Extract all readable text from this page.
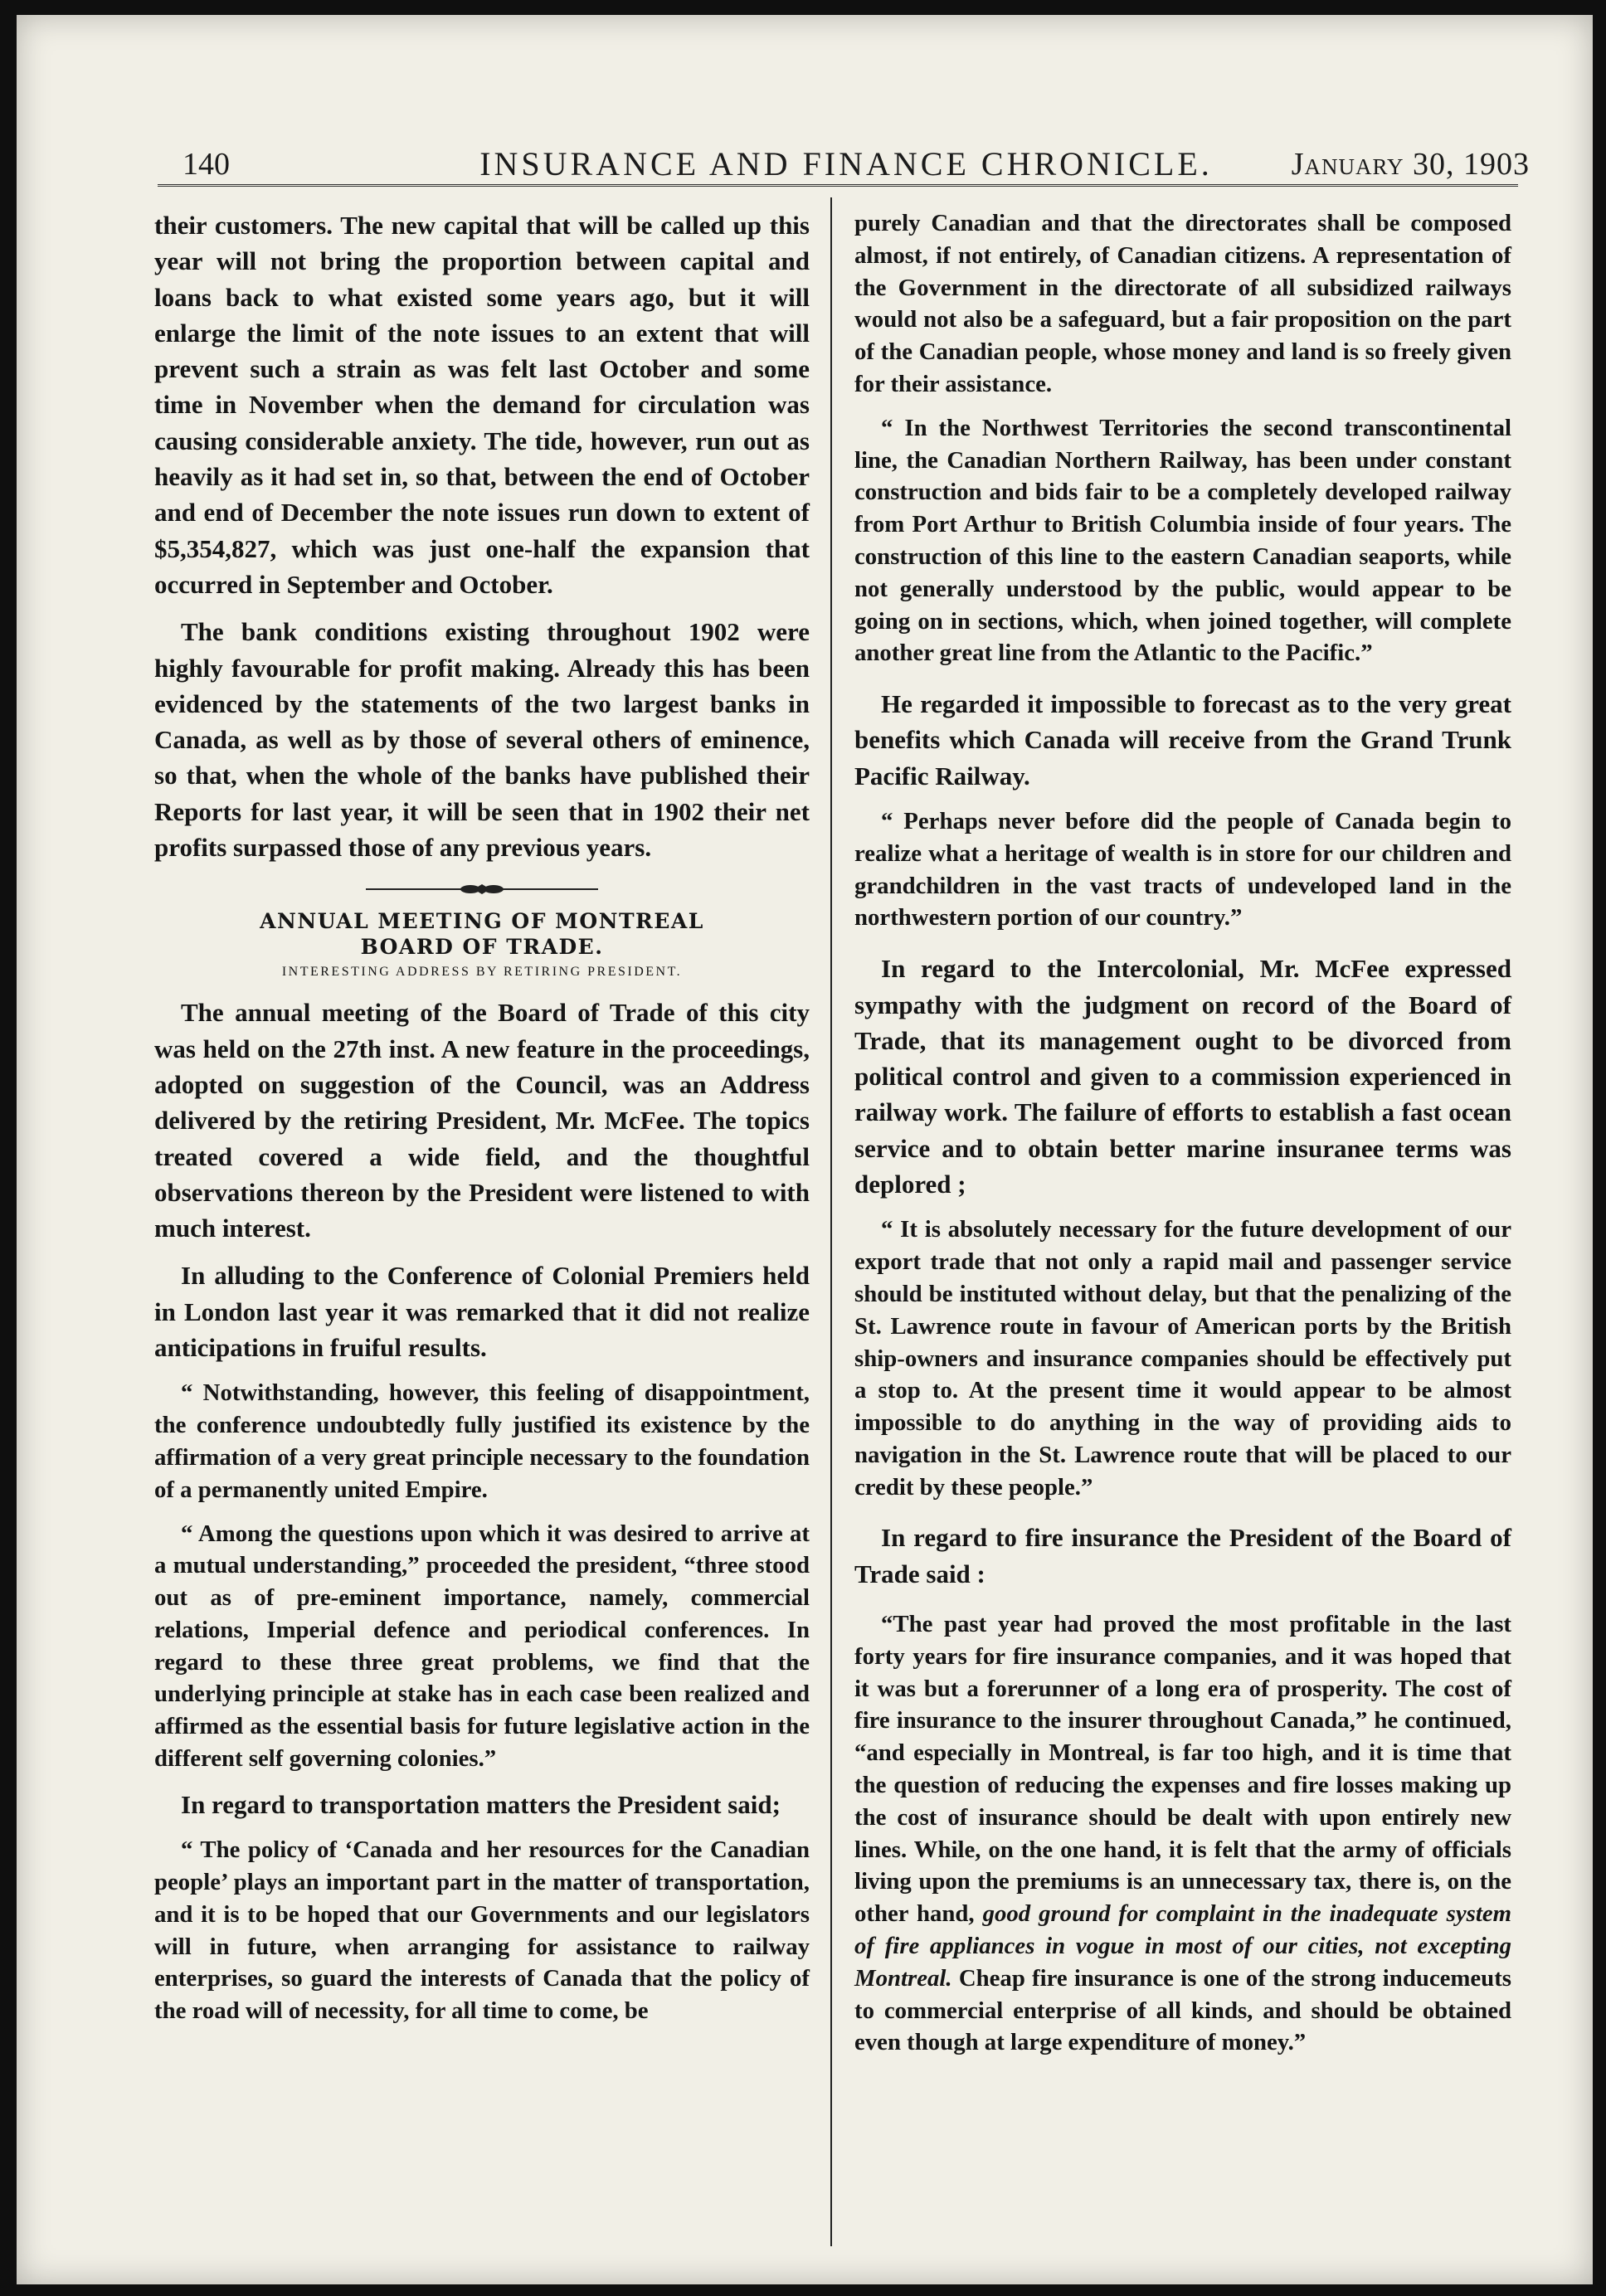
140	INSURANCE AND FINANCE CHRONICLE.	January 30, 1903

their customers. The new capital that will be called up this year will not bring the proportion between capital and loans back to what existed some years ago, but it will enlarge the limit of the note issues to an extent that will prevent such a strain as was felt last October and some time in November when the demand for circulation was causing considerable anxiety. The tide, however, run out as heavily as it had set in, so that, between the end of October and end of December the note issues run down to extent of $5,354,827, which was just one-half the expansion that occurred in September and October.

The bank conditions existing throughout 1902 were highly favourable for profit making. Already this has been evidenced by the statements of the two largest banks in Canada, as well as by those of several others of eminence, so that, when the whole of the banks have published their Reports for last year, it will be seen that in 1902 their net profits surpassed those of any previous years.

ANNUAL MEETING OF MONTREAL
BOARD OF TRADE.
INTERESTING ADDRESS BY RETIRING PRESIDENT.

The annual meeting of the Board of Trade of this city was held on the 27th inst. A new feature in the proceedings, adopted on suggestion of the Council, was an Address delivered by the retiring President, Mr. McFee. The topics treated covered a wide field, and the thoughtful observations thereon by the President were listened to with much interest.

In alluding to the Conference of Colonial Premiers held in London last year it was remarked that it did not realize anticipations in fruiful results.

“ Notwithstanding, however, this feeling of disappointment, the conference undoubtedly fully justified its existence by the affirmation of a very great principle necessary to the foundation of a permanently united Empire.

“ Among the questions upon which it was desired to arrive at a mutual understanding,” proceeded the president, “three stood out as of pre-eminent importance, namely, commercial relations, Imperial defence and periodical conferences. In regard to these three great problems, we find that the underlying principle at stake has in each case been realized and affirmed as the essential basis for future legislative action in the different self governing colonies.”

In regard to transportation matters the President said;

“ The policy of ‘Canada and her resources for the Canadian people’ plays an important part in the matter of transportation, and it is to be hoped that our Governments and our legislators will in future, when arranging for assistance to railway enterprises, so guard the interests of Canada that the policy of the road will of necessity, for all time to come, be

purely Canadian and that the directorates shall be composed almost, if not entirely, of Canadian citizens. A representation of the Government in the directorate of all subsidized railways would not also be a safeguard, but a fair proposition on the part of the Canadian people, whose money and land is so freely given for their assistance.

“ In the Northwest Territories the second transcontinental line, the Canadian Northern Railway, has been under constant construction and bids fair to be a completely developed railway from Port Arthur to British Columbia inside of four years. The construction of this line to the eastern Canadian seaports, while not generally understood by the public, would appear to be going on in sections, which, when joined together, will complete another great line from the Atlantic to the Pacific.”

He regarded it impossible to forecast as to the very great benefits which Canada will receive from the Grand Trunk Pacific Railway.

“ Perhaps never before did the people of Canada begin to realize what a heritage of wealth is in store for our children and grandchildren in the vast tracts of undeveloped land in the northwestern portion of our country.”

In regard to the Intercolonial, Mr. McFee expressed sympathy with the judgment on record of the Board of Trade, that its management ought to be divorced from political control and given to a commission experienced in railway work. The failure of efforts to establish a fast ocean service and to obtain better marine insuranee terms was deplored ;

“ It is absolutely necessary for the future development of our export trade that not only a rapid mail and passenger service should be instituted without delay, but that the penalizing of the St. Lawrence route in favour of American ports by the British ship-owners and insurance companies should be effectively put a stop to. At the present time it would appear to be almost impossible to do anything in the way of providing aids to navigation in the St. Lawrence route that will be placed to our credit by these people.”

In regard to fire insurance the President of the Board of Trade said :

“The past year had proved the most profitable in the last forty years for fire insurance companies, and it was hoped that it was but a forerunner of a long era of prosperity. The cost of fire insurance to the insurer throughout Canada,” he continued, “and especially in Montreal, is far too high, and it is time that the question of reducing the expenses and fire losses making up the cost of insurance should be dealt with upon entirely new lines. While, on the one hand, it is felt that the army of officials living upon the premiums is an unnecessary tax, there is, on the other hand, good ground for complaint in the inadequate system of fire appliances in vogue in most of our cities, not excepting Montreal. Cheap fire insurance is one of the strong inducemeuts to commercial enterprise of all kinds, and should be obtained even though at large expenditure of money.”
